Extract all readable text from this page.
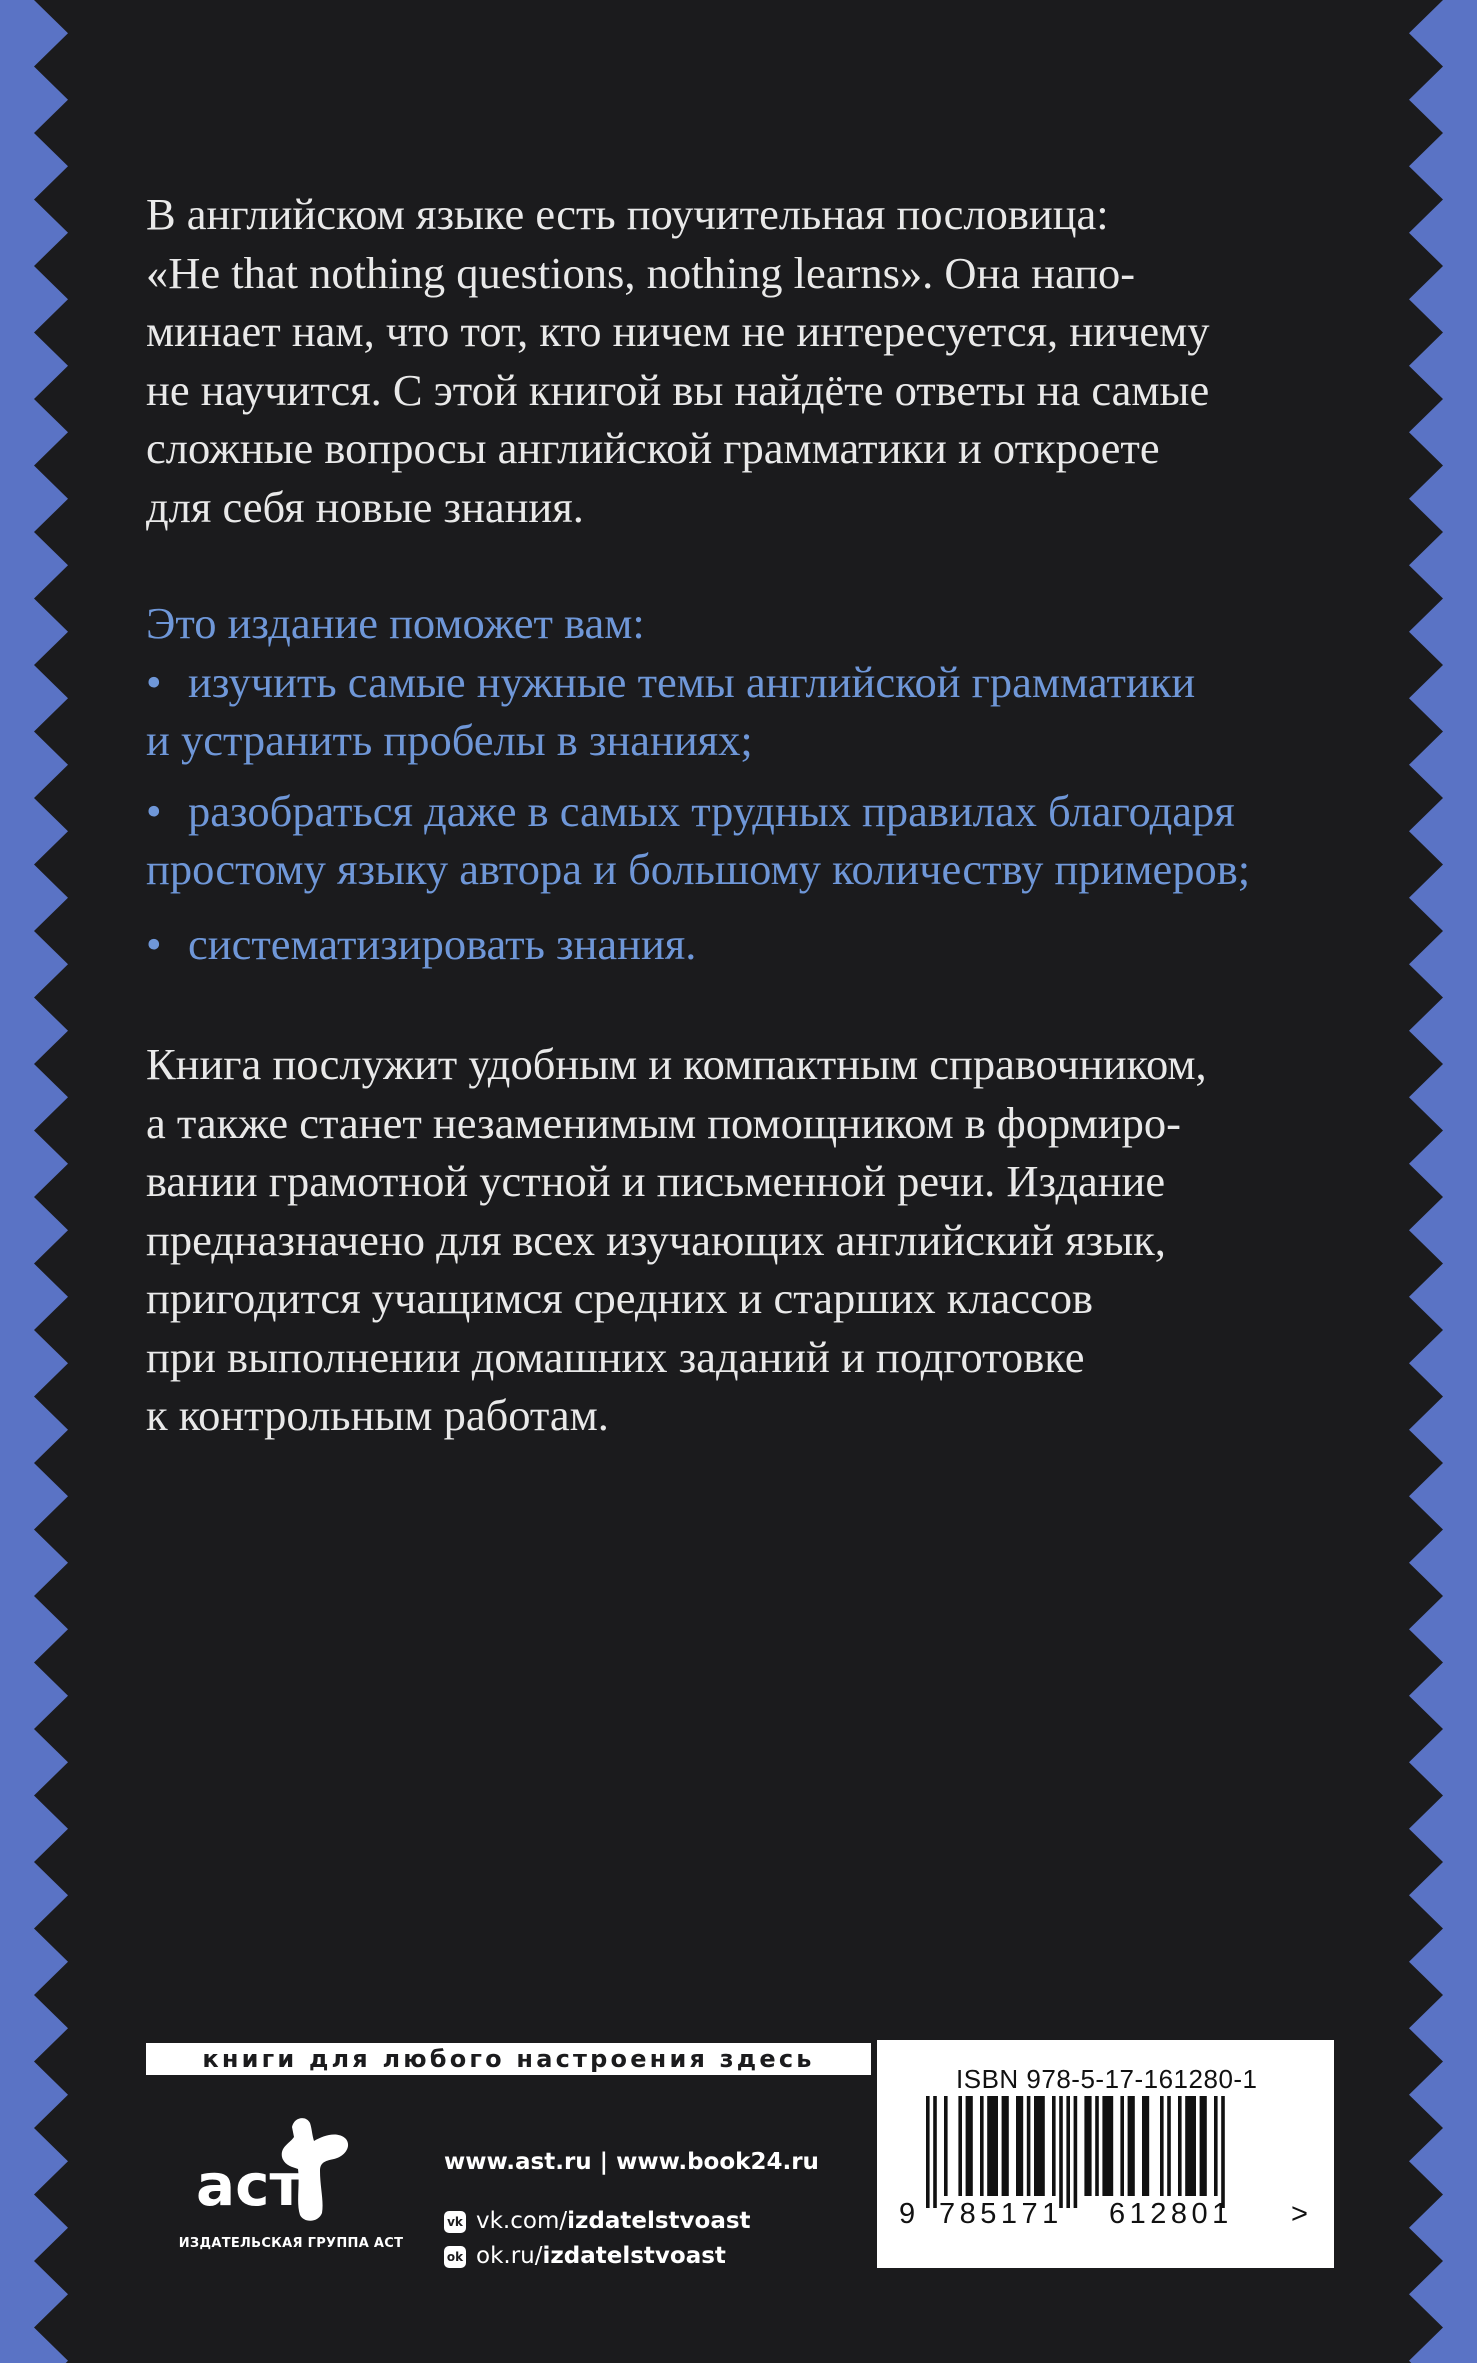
В английском языке есть поучительная пословица:

«He that nothing questions, nothing learns». Она напо-

минает нам, что тот, кто ничем не интересуется, ничему

не научится. С этой книгой вы найдёте ответы на самые

сложные вопросы английской грамматики и откроете

для себя новые знания.

Это издание поможет вам:

• изучить самые нужные темы английской грамматики

и устранить пробелы в знаниях;

• разобраться даже в самых трудных правилах благодаря

простому языку автора и большому количеству примеров;

• систематизировать знания.

Книга послужит удобным и компактным справочником,

а также станет незаменимым помощником в формиро-

вании грамотной устной и письменной речи. Издание

предназначено для всех изучающих английский язык,

пригодится учащимся средних и старших классов

при выполнении домашних заданий и подготовке

к контрольным работам.

книги для любого настроения здесь
аст
ИЗДАТЕЛЬСКАЯ ГРУППА АСТ
www.ast.ru | www.book24.ru
vk vk.com/ izdatelstvoast
ok ok.ru/ izdatelstvoast
ISBN 978-5-17-161280-1
9 785171 612801 >
